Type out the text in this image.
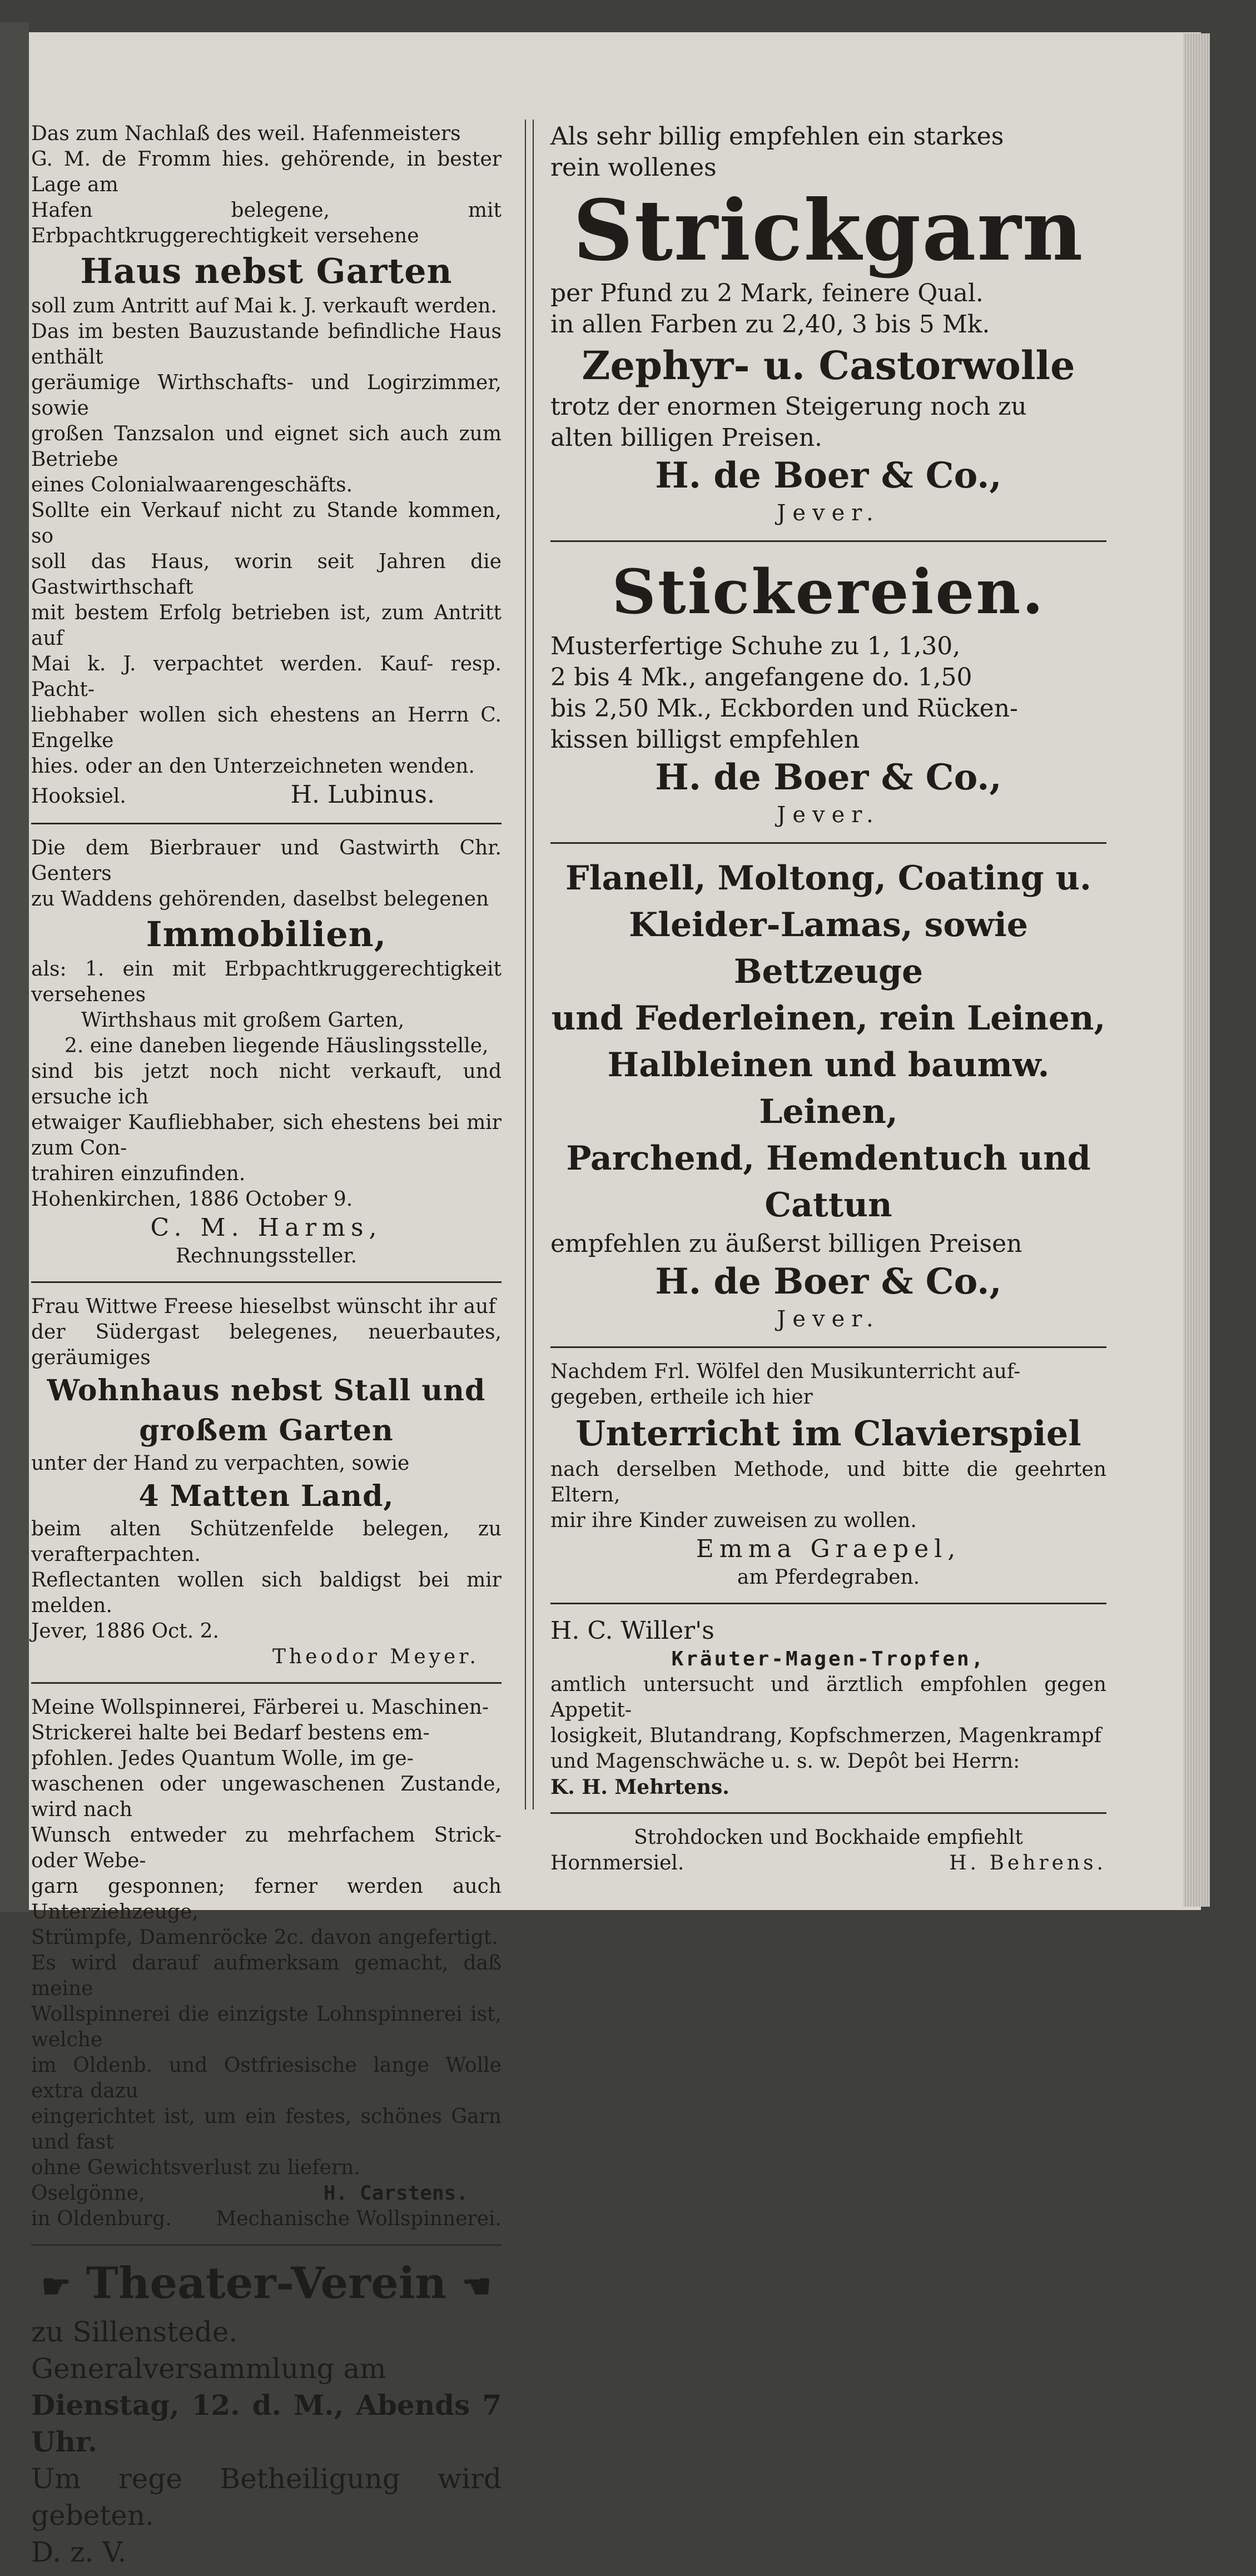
Das zum Nachlaß des weil. Hafenmeisters
G. M. de Fromm hies. gehörende, in bester Lage am
Hafen belegene, mit Erbpachtkruggerechtigkeit versehene
Haus nebst Garten
soll zum Antritt auf Mai k. J. verkauft werden.
Das im besten Bauzustande befindliche Haus enthält
geräumige Wirthschafts- und Logirzimmer, sowie
großen Tanzsalon und eignet sich auch zum Betriebe
eines Colonialwaarengeschäfts.
Sollte ein Verkauf nicht zu Stande kommen, so
soll das Haus, worin seit Jahren die Gastwirthschaft
mit bestem Erfolg betrieben ist, zum Antritt auf
Mai k. J. verpachtet werden. Kauf- resp. Pacht-
liebhaber wollen sich ehestens an Herrn C. Engelke
hies. oder an den Unterzeichneten wenden.
Hooksiel.	H. Lubinus.
Die dem Bierbrauer und Gastwirth Chr. Genters
zu Waddens gehörenden, daselbst belegenen
Immobilien,
als: 1. ein mit Erbpachtkruggerechtigkeit versehenes
Wirthshaus mit großem Garten,
2. eine daneben liegende Häuslingsstelle,
sind bis jetzt noch nicht verkauft, und ersuche ich
etwaiger Kaufliebhaber, sich ehestens bei mir zum Con-
trahiren einzufinden.
Hohenkirchen, 1886 October 9.
C. M. Harms,
Rechnungssteller.
Frau Wittwe Freese hieselbst wünscht ihr auf
der Südergast belegenes, neuerbautes, geräumiges
Wohnhaus nebst Stall und
großem Garten
unter der Hand zu verpachten, sowie
4 Matten Land,
beim alten Schützenfelde belegen, zu verafterpachten.
Reflectanten wollen sich baldigst bei mir melden.
Jever, 1886 Oct. 2.
Theodor Meyer.
Meine Wollspinnerei, Färberei u. Maschinen-
Strickerei halte bei Bedarf bestens em-
pfohlen. Jedes Quantum Wolle, im ge-
waschenen oder ungewaschenen Zustande, wird nach
Wunsch entweder zu mehrfachem Strick- oder Webe-
garn gesponnen; ferner werden auch Unterziehzeuge,
Strümpfe, Damenröcke 2c. davon angefertigt.
Es wird darauf aufmerksam gemacht, daß meine
Wollspinnerei die einzigste Lohnspinnerei ist, welche
im Oldenb. und Ostfriesische lange Wolle extra dazu
eingerichtet ist, um ein festes, schönes Garn und fast
ohne Gewichtsverlust zu liefern.
Oselgönne,	H. Carstens.
in Oldenburg. Mechanische Wollspinnerei.
☛ Theater-Verein ☚
zu Sillenstede.
Generalversammlung am
Dienstag, 12. d. M., Abends 7 Uhr.
Um rege Betheiligung wird gebeten.
D. z. V.
Als sehr billig empfehlen ein starkes
rein wollenes
Strickgarn
per Pfund zu 2 Mark, feinere Qual.
in allen Farben zu 2,40, 3 bis 5 Mk.
Zephyr- u. Castorwolle
trotz der enormen Steigerung noch zu
alten billigen Preisen.
H. de Boer & Co.,
Jever.
Stickereien.
Musterfertige Schuhe zu 1, 1,30,
2 bis 4 Mk., angefangene do. 1,50
bis 2,50 Mk., Eckborden und Rücken-
kissen billigst empfehlen
H. de Boer & Co.,
Jever.
Flanell, Moltong, Coating u.
Kleider-Lamas, sowie Bettzeuge
und Federleinen, rein Leinen,
Halbleinen und baumw. Leinen,
Parchend, Hemdentuch und
Cattun
empfehlen zu äußerst billigen Preisen
H. de Boer & Co.,
Jever.
Nachdem Frl. Wölfel den Musikunterricht auf-
gegeben, ertheile ich hier
Unterricht im Clavierspiel
nach derselben Methode, und bitte die geehrten Eltern,
mir ihre Kinder zuweisen zu wollen.
Emma Graepel,
am Pferdegraben.
H. C. Willer's
Kräuter-Magen-Tropfen,
amtlich untersucht und ärztlich empfohlen gegen Appetit-
losigkeit, Blutandrang, Kopfschmerzen, Magenkrampf
und Magenschwäche u. s. w. Depôt bei Herrn:
K. H. Mehrtens.
Strohdocken und Bockhaide empfiehlt
Hornmersiel.	H. Behrens.
